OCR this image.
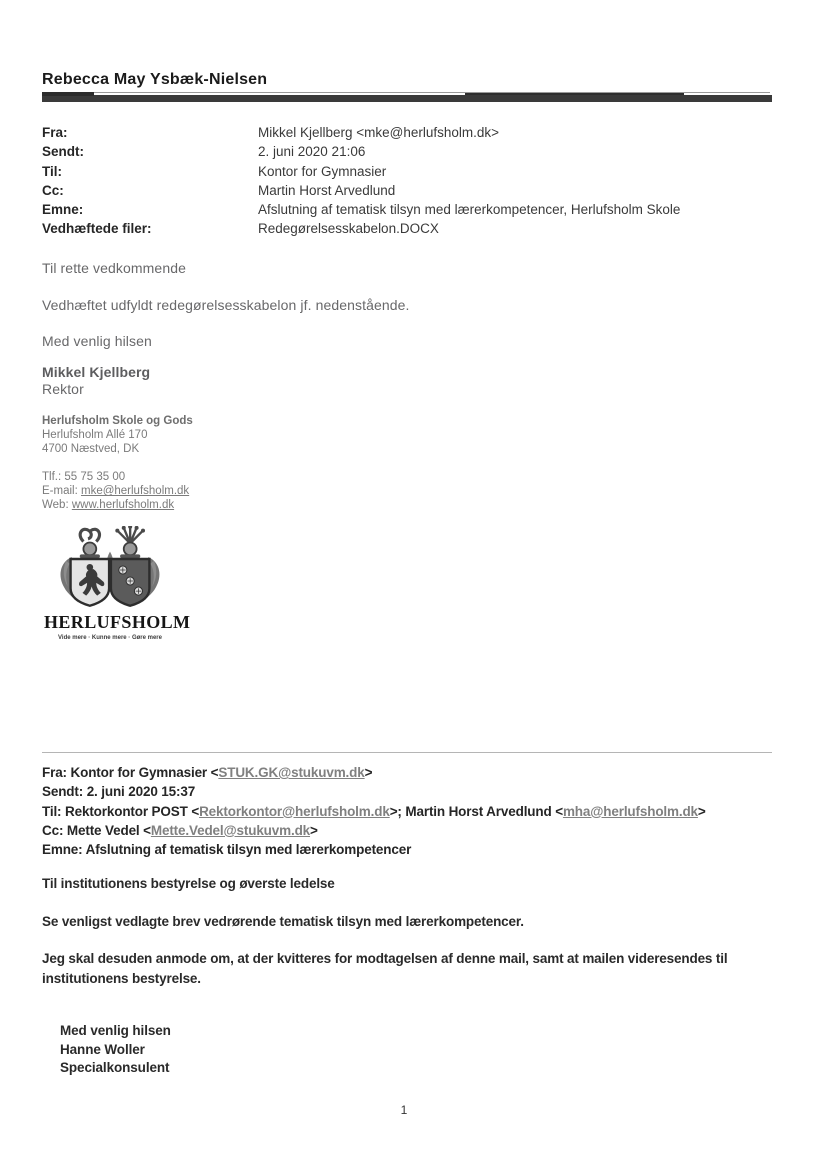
Rebecca May Ysbæk-Nielsen
Fra:	Mikkel Kjellberg <mke@herlufsholm.dk>
Sendt:	2. juni 2020 21:06
Til:	Kontor for Gymnasier
Cc:	Martin Horst Arvedlund
Emne:	Afslutning af tematisk tilsyn med lærerkompetencer, Herlufsholm Skole
Vedhæftede filer:	Redegørelsesskabelon.DOCX
Til rette vedkommende
Vedhæftet udfyldt redegørelsesskabelon jf. nedenstående.
Med venlig hilsen
Mikkel Kjellberg
Rektor
Herlufsholm Skole og Gods
Herlufsholm Allé 170
4700 Næstved, DK
Tlf.: 55 75 35 00
E-mail: mke@herlufsholm.dk
Web: www.herlufsholm.dk
HERLUFSHOLM
Vide mere · Kunne mere · Gøre mere
Fra: Kontor for Gymnasier <STUK.GK@stukuvm.dk>
Sendt: 2. juni 2020 15:37
Til: Rektorkontor POST <Rektorkontor@herlufsholm.dk>; Martin Horst Arvedlund <mha@herlufsholm.dk>
Cc: Mette Vedel <Mette.Vedel@stukuvm.dk>
Emne: Afslutning af tematisk tilsyn med lærerkompetencer
Til institutionens bestyrelse og øverste ledelse
Se venligst vedlagte brev vedrørende tematisk tilsyn med lærerkompetencer.
Jeg skal desuden anmode om, at der kvitteres for modtagelsen af denne mail, samt at mailen videresendes til institutionens bestyrelse.
Med venlig hilsen
Hanne Woller
Specialkonsulent
1
